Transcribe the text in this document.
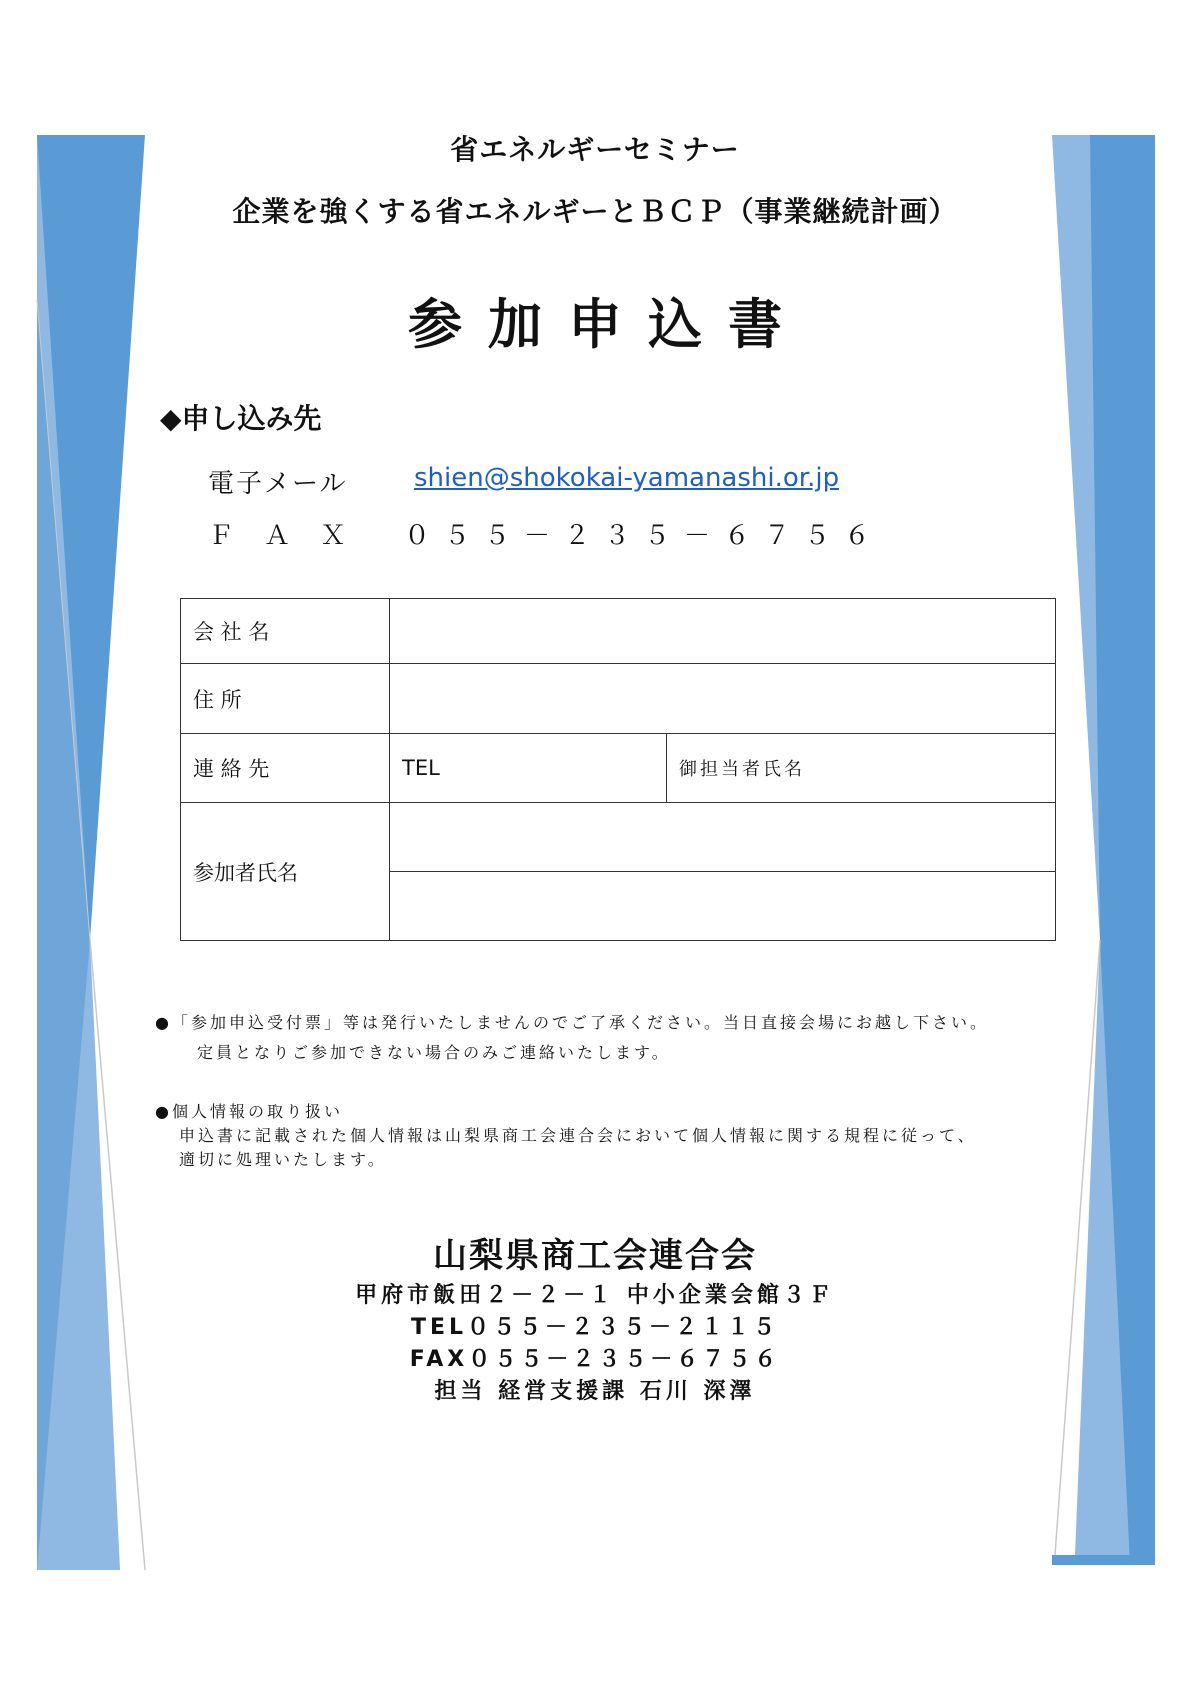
省エネルギーセミナー
企業を強くする省エネルギーとＢＣＰ（事業継続計画）
参加申込書
◆申し込み先
電子メール	shien@shokokai-yamanashi.or.jp
ＦＡＸ ０５５－２３５－６７５６
会 社 名		

住 所		

連 絡 先	TEL	御担当者氏名

参加者氏名		

●「参加申込受付票」等は発行いたしませんのでご了承ください。当日直接会場にお越し下さい。
定員となりご参加できない場合のみご連絡いたします。
●個人情報の取り扱い
申込書に記載された個人情報は山梨県商工会連合会において個人情報に関する規程に従って、
適切に処理いたします。
山梨県商工会連合会
甲府市飯田２－２－１ 中小企業会館３Ｆ
TEL０５５－２３５－２１１５
FAX０５５－２３５－６７５６
担当 経営支援課 石川 深澤
